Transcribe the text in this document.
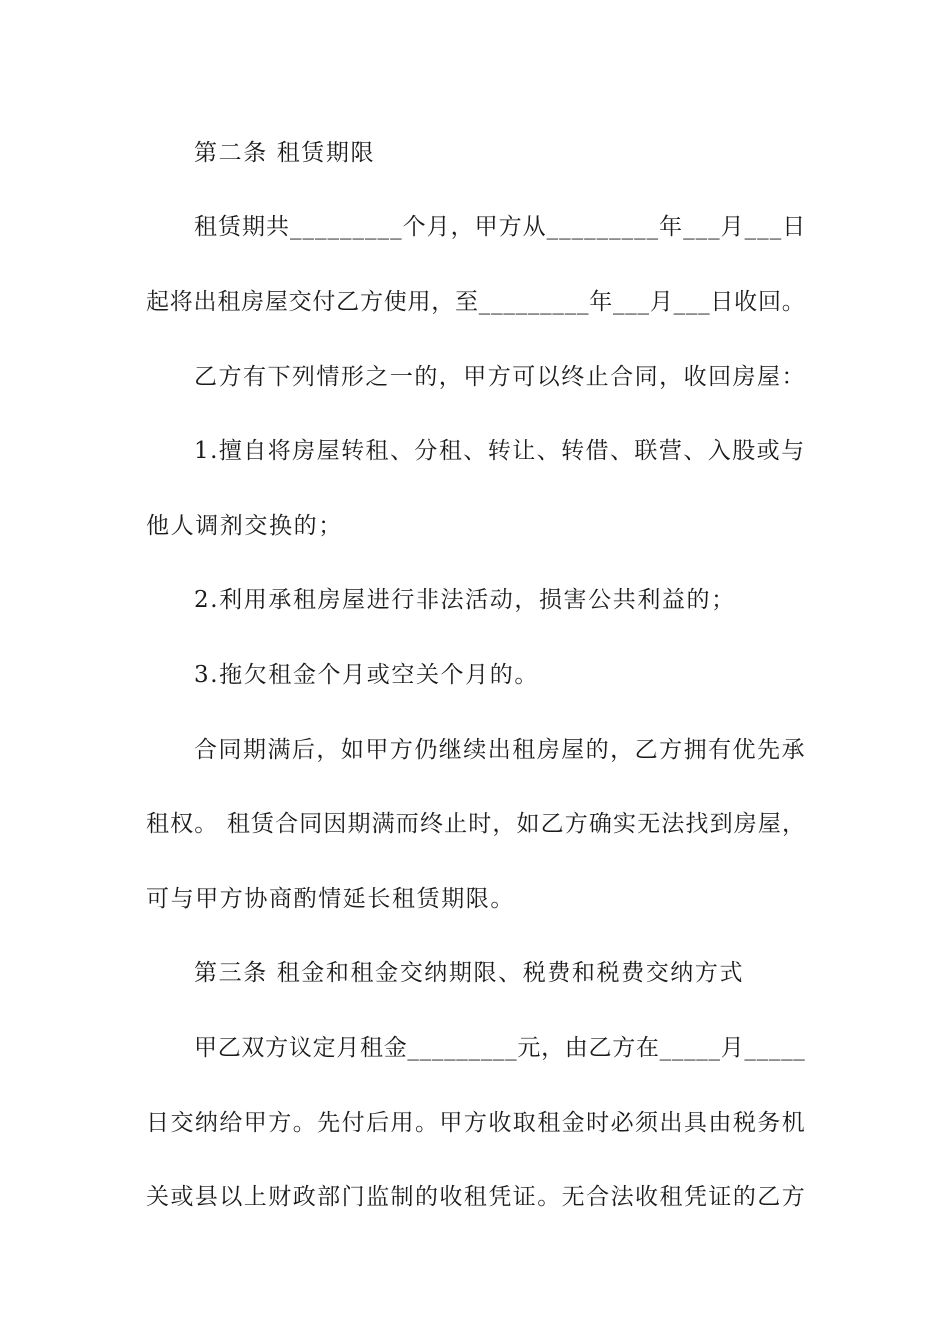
第二条 租赁期限
租赁期共_________个月，甲方从_________年___月___日
起将出租房屋交付乙方使用，至_________年___月___日收回。
乙方有下列情形之一的，甲方可以终止合同，收回房屋：
1.擅自将房屋转租、分租、转让、转借、联营、入股或与
他人调剂交换的；
2.利用承租房屋进行非法活动，损害公共利益的；
3.拖欠租金个月或空关个月的。
合同期满后，如甲方仍继续出租房屋的，乙方拥有优先承
租权。 租赁合同因期满而终止时，如乙方确实无法找到房屋，
可与甲方协商酌情延长租赁期限。
第三条 租金和租金交纳期限、税费和税费交纳方式
甲乙双方议定月租金_________元，由乙方在_____月_____
日交纳给甲方。先付后用。甲方收取租金时必须出具由税务机
关或县以上财政部门监制的收租凭证。无合法收租凭证的乙方
